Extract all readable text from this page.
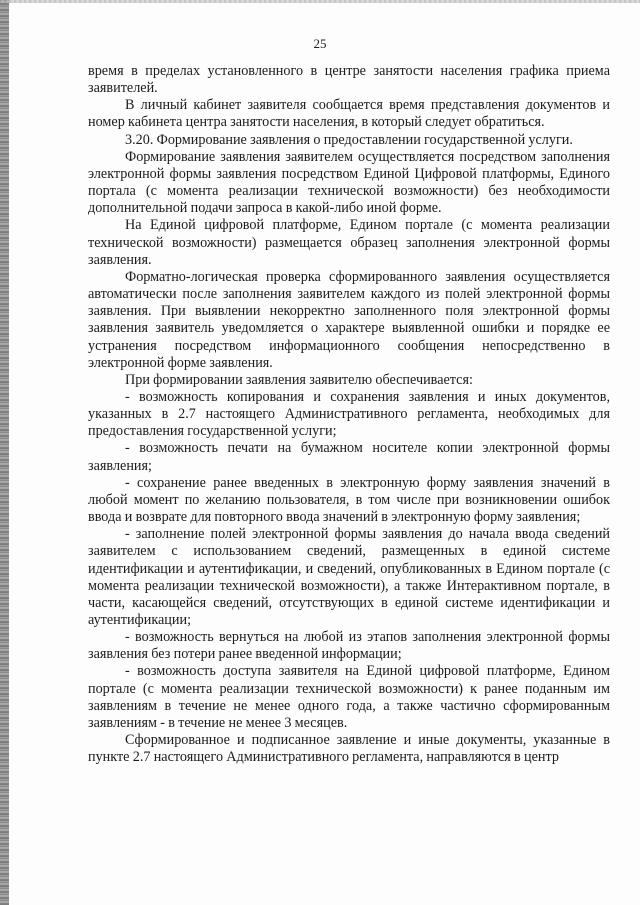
25

время в пределах установленного в центре занятости населения графика приема заявителей.

В личный кабинет заявителя сообщается время представления документов и номер кабинета центра занятости населения, в который следует обратиться.

3.20. Формирование заявления о предоставлении государственной услуги.

Формирование заявления заявителем осуществляется посредством заполнения электронной формы заявления посредством Единой Цифровой платформы, Единого портала (с момента реализации технической возможности) без необходимости дополнительной подачи запроса в какой-либо иной форме.

На Единой цифровой платформе, Едином портале (с момента реализации технической возможности) размещается образец заполнения электронной формы заявления.

Форматно-логическая проверка сформированного заявления осуществляется автоматически после заполнения заявителем каждого из полей электронной формы заявления. При выявлении некорректно заполненного поля электронной формы заявления заявитель уведомляется о характере выявленной ошибки и порядке ее устранения посредством информационного сообщения непосредственно в электронной форме заявления.

При формировании заявления заявителю обеспечивается:

- возможность копирования и сохранения заявления и иных документов, указанных в 2.7 настоящего Административного регламента, необходимых для предоставления государственной услуги;

- возможность печати на бумажном носителе копии электронной формы заявления;

- сохранение ранее введенных в электронную форму заявления значений в любой момент по желанию пользователя, в том числе при возникновении ошибок ввода и возврате для повторного ввода значений в электронную форму заявления;

- заполнение полей электронной формы заявления до начала ввода сведений заявителем с использованием сведений, размещенных в единой системе идентификации и аутентификации, и сведений, опубликованных в Едином портале (с момента реализации технической возможности), а также Интерактивном портале, в части, касающейся сведений, отсутствующих в единой системе идентификации и аутентификации;

- возможность вернуться на любой из этапов заполнения электронной формы заявления без потери ранее введенной информации;

- возможность доступа заявителя на Единой цифровой платформе, Едином портале (с момента реализации технической возможности) к ранее поданным им заявлениям в течение не менее одного года, а также частично сформированным заявлениям - в течение не менее 3 месяцев.

Сформированное и подписанное заявление и иные документы, указанные в пункте 2.7 настоящего Административного регламента, направляются в центр
